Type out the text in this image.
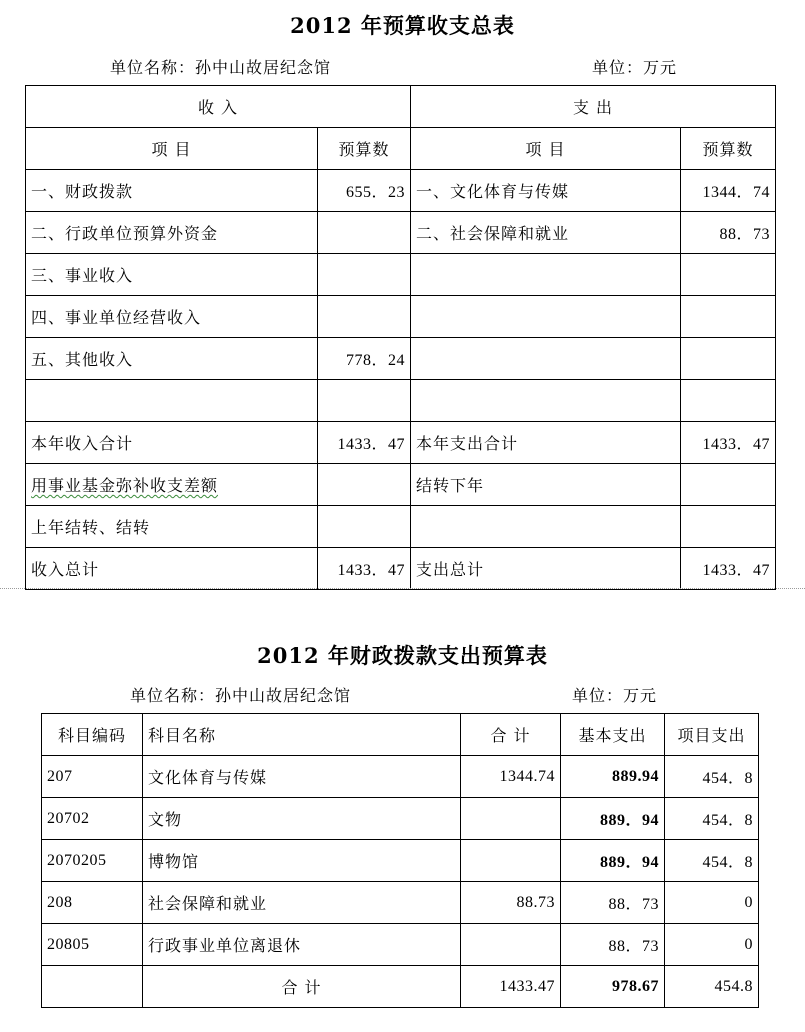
2012 年预算收支总表
单位名称：孙中山故居纪念馆	单位：万元
收 入		支 出	
项 目	预算数	项 目	预算数
一、财政拨款	655．23	一、文化体育与传媒	1344．74
二、行政单位预算外资金		二、社会保障和就业	88．73
三、事业收入			
四、事业单位经营收入			
五、其他收入	778．24		

本年收入合计	1433．47	本年支出合计	1433．47
用事业基金弥补收支差额		结转下年	
上年结转、结转			
收入总计	1433．47	支出总计	1433．47
2012 年财政拨款支出预算表
单位名称：孙中山故居纪念馆	单位：万元
科目编码	科目名称	合 计	基本支出	项目支出
207	文化体育与传媒	1344.74	889.94	454．8
20702	文物		889．94	454．8
2070205	博物馆		889．94	454．8
208	社会保障和就业	88.73	88．73	0
20805	行政事业单位离退休		88．73	0
	合 计	1433.47	978.67	454.8
